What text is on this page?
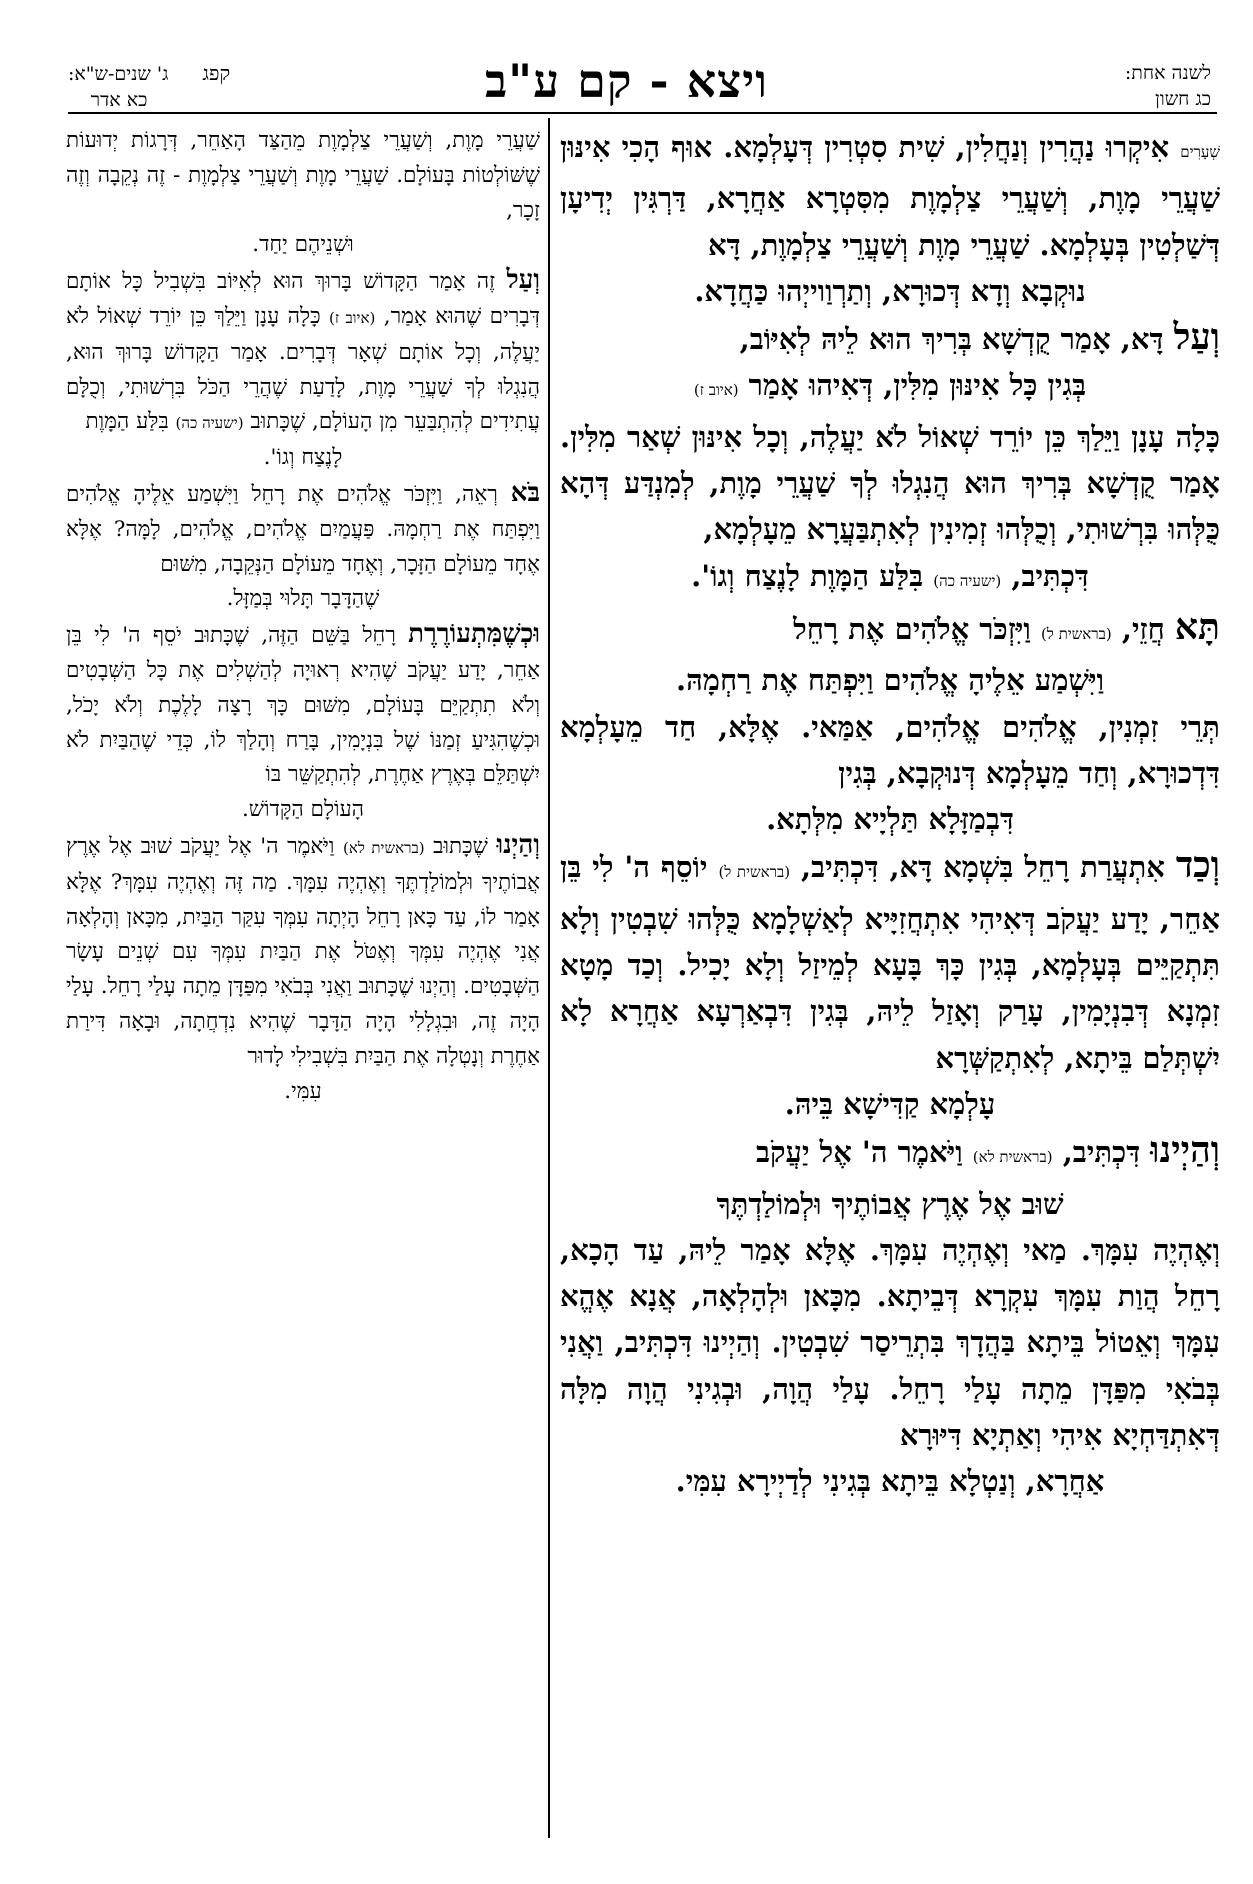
קפג
ג' שנים-ש"א:
כא אדר	ויצא - קם ע"ב	לשנה אחת:
כג חשון

שְׁעָרִים אִיקְרוּ נַהֲרִין וְנַחֲלִין, שִׁית סִטְרִין דְּעָלְמָא. אוּף הָכִי אִינּוּן שַׁעֲרֵי מָוֶת, וְשַׁעֲרֵי צַלְמָוֶת מִסִּטְרָא אַחֲרָא, דַּרְגִּין יְדִיעָן דְּשַׁלְטִין בְּעָלְמָא. שַׁעֲרֵי מָוֶת וְשַׁעֲרֵי צַלְמָוֶת, דָּא

נוּקְבָא וְדָא דְּכוּרָא, וְתַרְוַוייְהוּ כַּחֲדָא.

וְעַל דָּא, אָמַר קֻדְשָׁא בְּרִיךְ הוּא לֵיהּ לְאִיּוֹב,

בְּגִין כָּל אִינּוּן מִלִּין, דְּאִיהוּ אָמַר (איוב ז)

כָּלָה עָנָן וַיֵּלַךְ כֵּן יוֹרֵד שְׁאוֹל לֹא יַעֲלֶה, וְכָל אִינּוּן שְׁאַר מִלִּין. אָמַר קֻדְשָׁא בְּרִיךְ הוּא הֲנִגְלוּ לְךָ שַׁעֲרֵי מָוֶת, לְמִנְדַּע דְּהָא כֻּלְּהוּ בִּרְשׁוּתִי, וְכֻלְּהוּ זְמִינִין לְאִתְבַּעֲרָא מֵעָלְמָא,

דִּכְתִּיב, (ישעיה כה) בִּלַּע הַמָּוֶת לָנֶצַח וְגוֹ'.

תָּא חֲזֵי, (בראשית ל) וַיִּזְכֹּר אֱלֹהִים אֶת רָחֵל

וַיִּשְׁמַע אֵלֶיהָ אֱלֹהִים וַיִּפְתַּח אֶת רַחְמָהּ.

תְּרֵי זִמְנִין, אֱלֹהִים אֱלֹהִים, אַמַּאי. אֶלָּא, חַד מֵעָלְמָא דִּדְכוּרָא, וְחַד מֵעָלְמָא דְּנוּקְבָא, בְּגִין

דִּבְמַזָּלָא תַּלְיָיא מִלְּתָא.

וְכַד אִתְעֲרַת רָחֵל בִּשְׁמָא דָּא, דִּכְתִּיב, (בראשית ל) יוֹסֵף ה' לִי בֵּן אַחֵר, יָדַע יַעֲקֹב דְּאִיהִי אִתְחֲזִיָּיא לְאַשְׁלָמָא כֻּלְּהוּ שִׁבְטִין וְלָא תִּתְקַיֵּים בְּעָלְמָא, בְּגִין כָּךְ בָּעָא לְמֵיזַל וְלָא יָכִיל. וְכַד מָטָא זִמְנָא דְּבִנְיָמִין, עָרַק וְאָזַל לֵיהּ, בְּגִין דִּבְאַרְעָא אַחֲרָא לָא יִשְׁתְּלַם בֵּיתָא, לְאִתְקַשְּׁרָא

עָלְמָא קַדִּישָׁא בֵּיהּ.

וְהַיְינוּ דִּכְתִּיב, (בראשית לא) וַיֹּאמֶר ה' אֶל יַעֲקֹב

שׁוּב אֶל אֶרֶץ אֲבוֹתֶיךָ וּלְמוֹלַדְתֶּךָ

וְאֶהְיֶה עִמָּךְ. מַאי וְאֶהְיֶה עִמָּךְ. אֶלָּא אָמַר לֵיהּ, עַד הָכָא, רָחֵל הֲוַת עִמָּךְ עִקְרָא דְּבֵיתָא. מִכָּאן וּלְהָלְאָה, אֲנָא אֶהֱא עִמָּךְ וְאֵטוֹל בֵּיתָא בַּהֲדָךְ בִּתְרֵיסַר שִׁבְטִין. וְהַיְינוּ דִּכְתִּיב, וַאֲנִי בְּבֹאִי מִפַּדָּן מֵתָה עָלַי רָחֵל. עָלַי הֲוָה, וּבְגִינִי הֲוָה מִלָּה דְּאִתְדַּחְיָא אִיהִי וְאַתְיָא דִּיּוּרָא

אַחֲרָא, וְנַטְלָא בֵּיתָא בְּגִינִי לְדַיְירָא עִמִּי.

שַׁעֲרֵי מָוֶת, וְשַׁעֲרֵי צַלְמָוֶת מֵהַצַּד הָאַחֵר, דְּרָגוֹת יְדוּעוֹת שֶׁשּׁוֹלְטוֹת בָּעוֹלָם. שַׁעֲרֵי מָוֶת וְשַׁעֲרֵי צַלְמָוֶת - זֶה נְקֵבָה וְזֶה זָכָר,

וּשְׁנֵיהֶם יַחַד.

וְעַל זֶה אָמַר הַקָּדוֹשׁ בָּרוּךְ הוּא לְאִיּוֹב בִּשְׁבִיל כָּל אוֹתָם דְּבָרִים שֶׁהוּא אָמַר, (איוב ז) כָּלָה עָנָן וַיֵּלַךְ כֵּן יוֹרֵד שְׁאוֹל לֹא יַעֲלֶה, וְכָל אוֹתָם שְׁאָר דְּבָרִים. אָמַר הַקָּדוֹשׁ בָּרוּךְ הוּא, הֲנִגְלוּ לְךָ שַׁעֲרֵי מָוֶת, לָדַעַת שֶׁהֲרֵי הַכֹּל בִּרְשׁוּתִי, וְכֻלָּם עֲתִידִים לְהִתְבַּעֵר מִן הָעוֹלָם, שֶׁכָּתוּב (ישעיה כה) בִּלַּע הַמָּוֶת

לָנֶצַח וְגוֹ'.

בֹּא רְאֵה, וַיִּזְכֹּר אֱלֹהִים אֶת רָחֵל וַיִּשְׁמַע אֵלֶיהָ אֱלֹהִים וַיִּפְתַּח אֶת רַחְמָהּ. פַּעֲמַיִם אֱלֹהִים, אֱלֹהִים, לָמָּה? אֶלָּא אֶחָד מֵעוֹלָם הַזָּכָר, וְאֶחָד מֵעוֹלָם הַנְּקֵבָה, מִשּׁוּם

שֶׁהַדָּבָר תָּלוּי בְּמַזָּל.

וּכְשֶׁמִּתְעוֹרֶרֶת רָחֵל בַּשֵּׁם הַזֶּה, שֶׁכָּתוּב יֹסֵף ה' לִי בֵּן אַחֵר, יָדַע יַעֲקֹב שֶׁהִיא רְאוּיָה לְהַשְׁלִים אֶת כָּל הַשְּׁבָטִים וְלֹא תִתְקַיֵּם בָּעוֹלָם, מִשּׁוּם כָּךְ רָצָה לָלֶכֶת וְלֹא יָכֹל, וּכְשֶׁהִגִּיעַ זְמַנּוֹ שֶׁל בִּנְיָמִין, בָּרַח וְהָלַךְ לוֹ, כְּדֵי שֶׁהַבַּיִת לֹא יִשְׁתַּלֵּם בְּאֶרֶץ אַחֶרֶת, לְהִתְקַשֵּׁר בּוֹ

הָעוֹלָם הַקָּדוֹשׁ.

וְהַיְנוּ שֶׁכָּתוּב (בראשית לא) וַיֹּאמֶר ה' אֶל יַעֲקֹב שׁוּב אֶל אֶרֶץ אֲבוֹתֶיךָ וּלְמוֹלַדְתֶּךָ וְאֶהְיֶה עִמָּךְ. מַה זֶּה וְאֶהְיֶה עִמָּךְ? אֶלָּא אָמַר לוֹ, עַד כָּאן רָחֵל הָיְתָה עִמְּךָ עִקַּר הַבַּיִת, מִכָּאן וְהָלְאָה אֲנִי אֶהְיֶה עִמְּךָ וְאֶטֹּל אֶת הַבַּיִת עִמְּךָ עִם שְׁנֵים עָשָׂר הַשְּׁבָטִים. וְהַיְנוּ שֶׁכָּתוּב וַאֲנִי בְּבֹאִי מִפַּדָּן מֵתָה עָלַי רָחֵל. עָלַי הָיָה זֶה, וּבִגְלָלִי הָיָה הַדָּבָר שֶׁהִיא נִדְחֲתָה, וּבָאָה דִּירַת אַחֶרֶת וְנָטְלָה אֶת הַבַּיִת בִּשְׁבִילִי לָדוּר

עִמִּי.
